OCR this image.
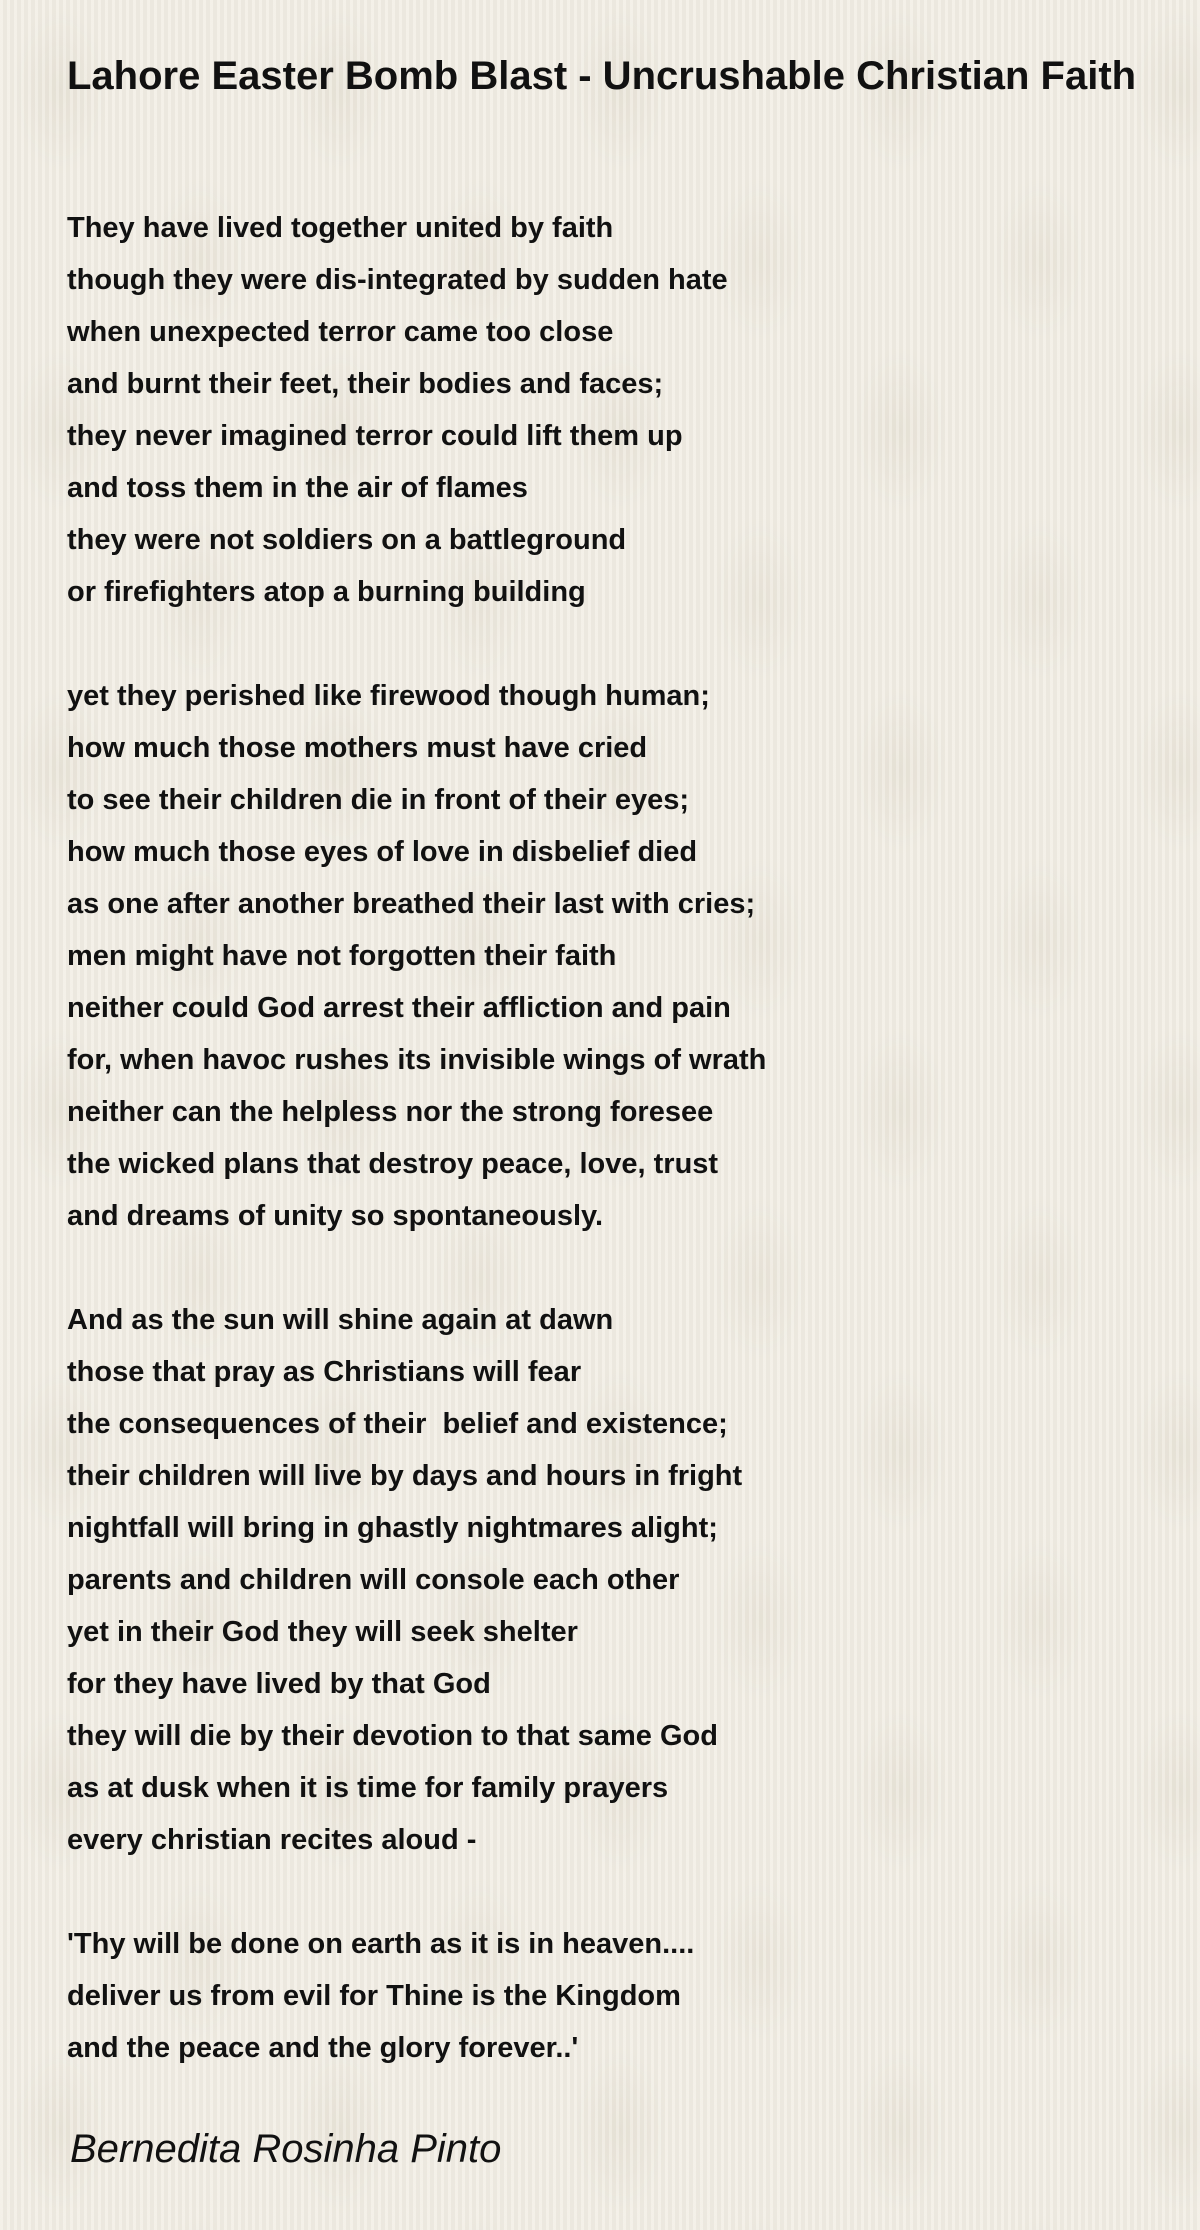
Lahore Easter Bomb Blast - Uncrushable Christian Faith
They have lived together united by faith
though they were dis-integrated by sudden hate
when unexpected terror came too close
and burnt their feet, their bodies and faces;
they never imagined terror could lift them up
and toss them in the air of flames
they were not soldiers on a battleground
or firefighters atop a burning building
yet they perished like firewood though human;
how much those mothers must have cried
to see their children die in front of their eyes;
how much those eyes of love in disbelief died
as one after another breathed their last with cries;
men might have not forgotten their faith
neither could God arrest their affliction and pain
for, when havoc rushes its invisible wings of wrath
neither can the helpless nor the strong foresee
the wicked plans that destroy peace, love, trust
and dreams of unity so spontaneously.
And as the sun will shine again at dawn
those that pray as Christians will fear
the consequences of their  belief and existence;
their children will live by days and hours in fright
nightfall will bring in ghastly nightmares alight;
parents and children will console each other
yet in their God they will seek shelter
for they have lived by that God
they will die by their devotion to that same God
as at dusk when it is time for family prayers
every christian recites aloud -
'Thy will be done on earth as it is in heaven....
deliver us from evil for Thine is the Kingdom
and the peace and the glory forever..'

Bernedita Rosinha Pinto
